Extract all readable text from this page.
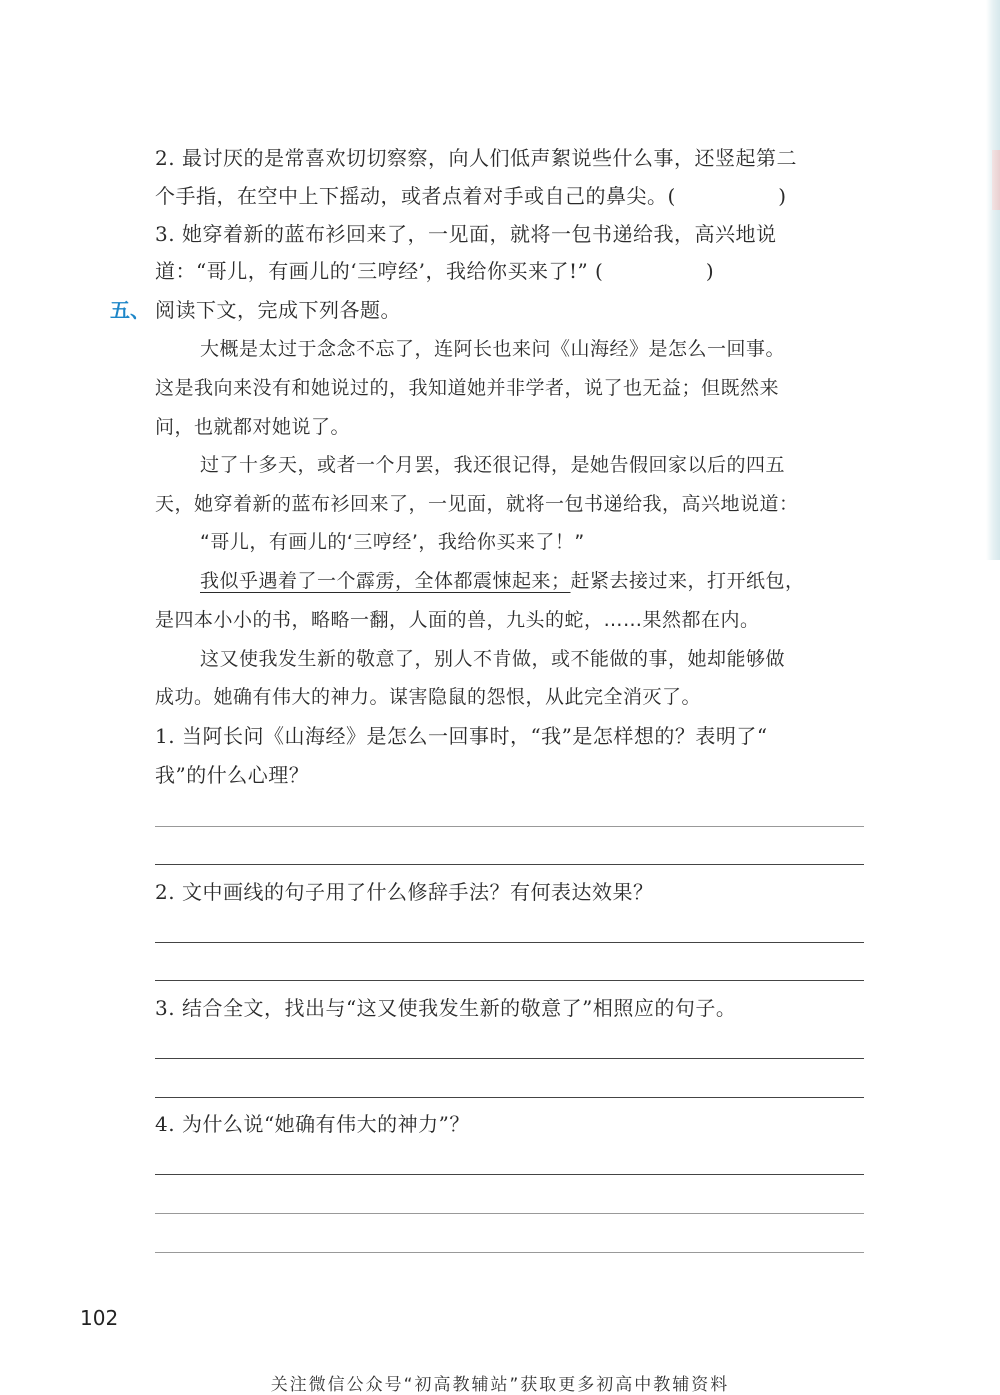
2. 最讨厌的是常喜欢切切察察，向人们低声絮说些什么事，还竖起第二
个手指，在空中上下摇动，或者点着对手或自己的鼻尖。(　　　　　)
3. 她穿着新的蓝布衫回来了，一见面，就将一包书递给我，高兴地说
道：“哥儿，有画儿的‘三哼经’，我给你买来了!” (　　　　　)
五、 阅读下文，完成下列各题。
大概是太过于念念不忘了，连阿长也来问《山海经》是怎么一回事。
这是我向来没有和她说过的，我知道她并非学者，说了也无益；但既然来
问，也就都对她说了。
过了十多天，或者一个月罢，我还很记得，是她告假回家以后的四五
天，她穿着新的蓝布衫回来了，一见面，就将一包书递给我，高兴地说道：
“哥儿，有画儿的‘三哼经’，我给你买来了！”
我似乎遇着了一个霹雳，全体都震悚起来；赶紧去接过来，打开纸包，
是四本小小的书，略略一翻，人面的兽，九头的蛇，……果然都在内。
这又使我发生新的敬意了，别人不肯做，或不能做的事，她却能够做
成功。她确有伟大的神力。谋害隐鼠的怨恨，从此完全消灭了。
1. 当阿长问《山海经》是怎么一回事时，“我”是怎样想的？表明了“
我”的什么心理？
2. 文中画线的句子用了什么修辞手法？有何表达效果？
3. 结合全文，找出与“这又使我发生新的敬意了”相照应的句子。
4. 为什么说“她确有伟大的神力”？
102
关注微信公众号“初高教辅站”获取更多初高中教辅资料
